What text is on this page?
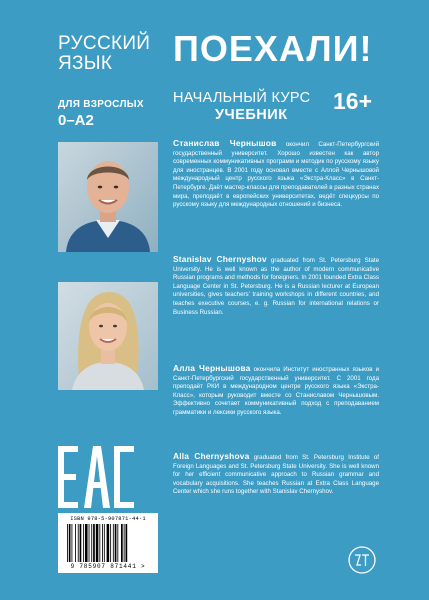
РУССКИЙ
ЯЗЫК
ДЛЯ ВЗРОСЛЫХ
0–A2
ПОЕХАЛИ!
НАЧАЛЬНЫЙ КУРС
УЧЕБНИК
16+
Станислав Чернышов окончил Санкт-Петербургский государственный университет. Хорошо известен как автор современных коммуникативных программ и методик по русскому языку для иностранцев. В 2001 году основал вместе с Аллой Чернышовой международный центр русского языка «Экстра-Класс» в Санкт-Петербурге. Даёт мастер-классы для преподавателей в разных странах мира, преподаёт в европейских университетах, ведёт спецкурсы по русскому языку для международных отношений и бизнеса.
Stanislav Chernyshov graduated from St. Petersburg State University. He is well known as the author of modern communicative Russian programs and methods for foreigners. In 2001 founded Extra Class Language Center in St. Petersburg. He is a Russian lecturer at European universities, gives teachers' training workshops in different countries, and teaches executive courses, e. g. Russian for international relations or Business Russian.
Алла Чернышова окончила Институт иностранных языков и Санкт-Петербургский государственный университет. С 2001 года преподаёт РКИ в международном центре русского языка «Экстра-Класс», которым руководит вместе со Станиславом Чернышовым. Эффективно сочетает коммуникативный подход с преподаванием грамматики и лексики русского языка.
Alla Chernyshova graduated from St. Petersburg Institute of Foreign Languages and St. Petersburg State University. She is well known for her efficient communicative approach to Russian grammar and vocabulary acquisitions. She teaches Russian at Extra Class Language Center which she runs together with Stanislav Chernyshov.
ISBN 978-5-907871-44-1
9 785907 871441 >
